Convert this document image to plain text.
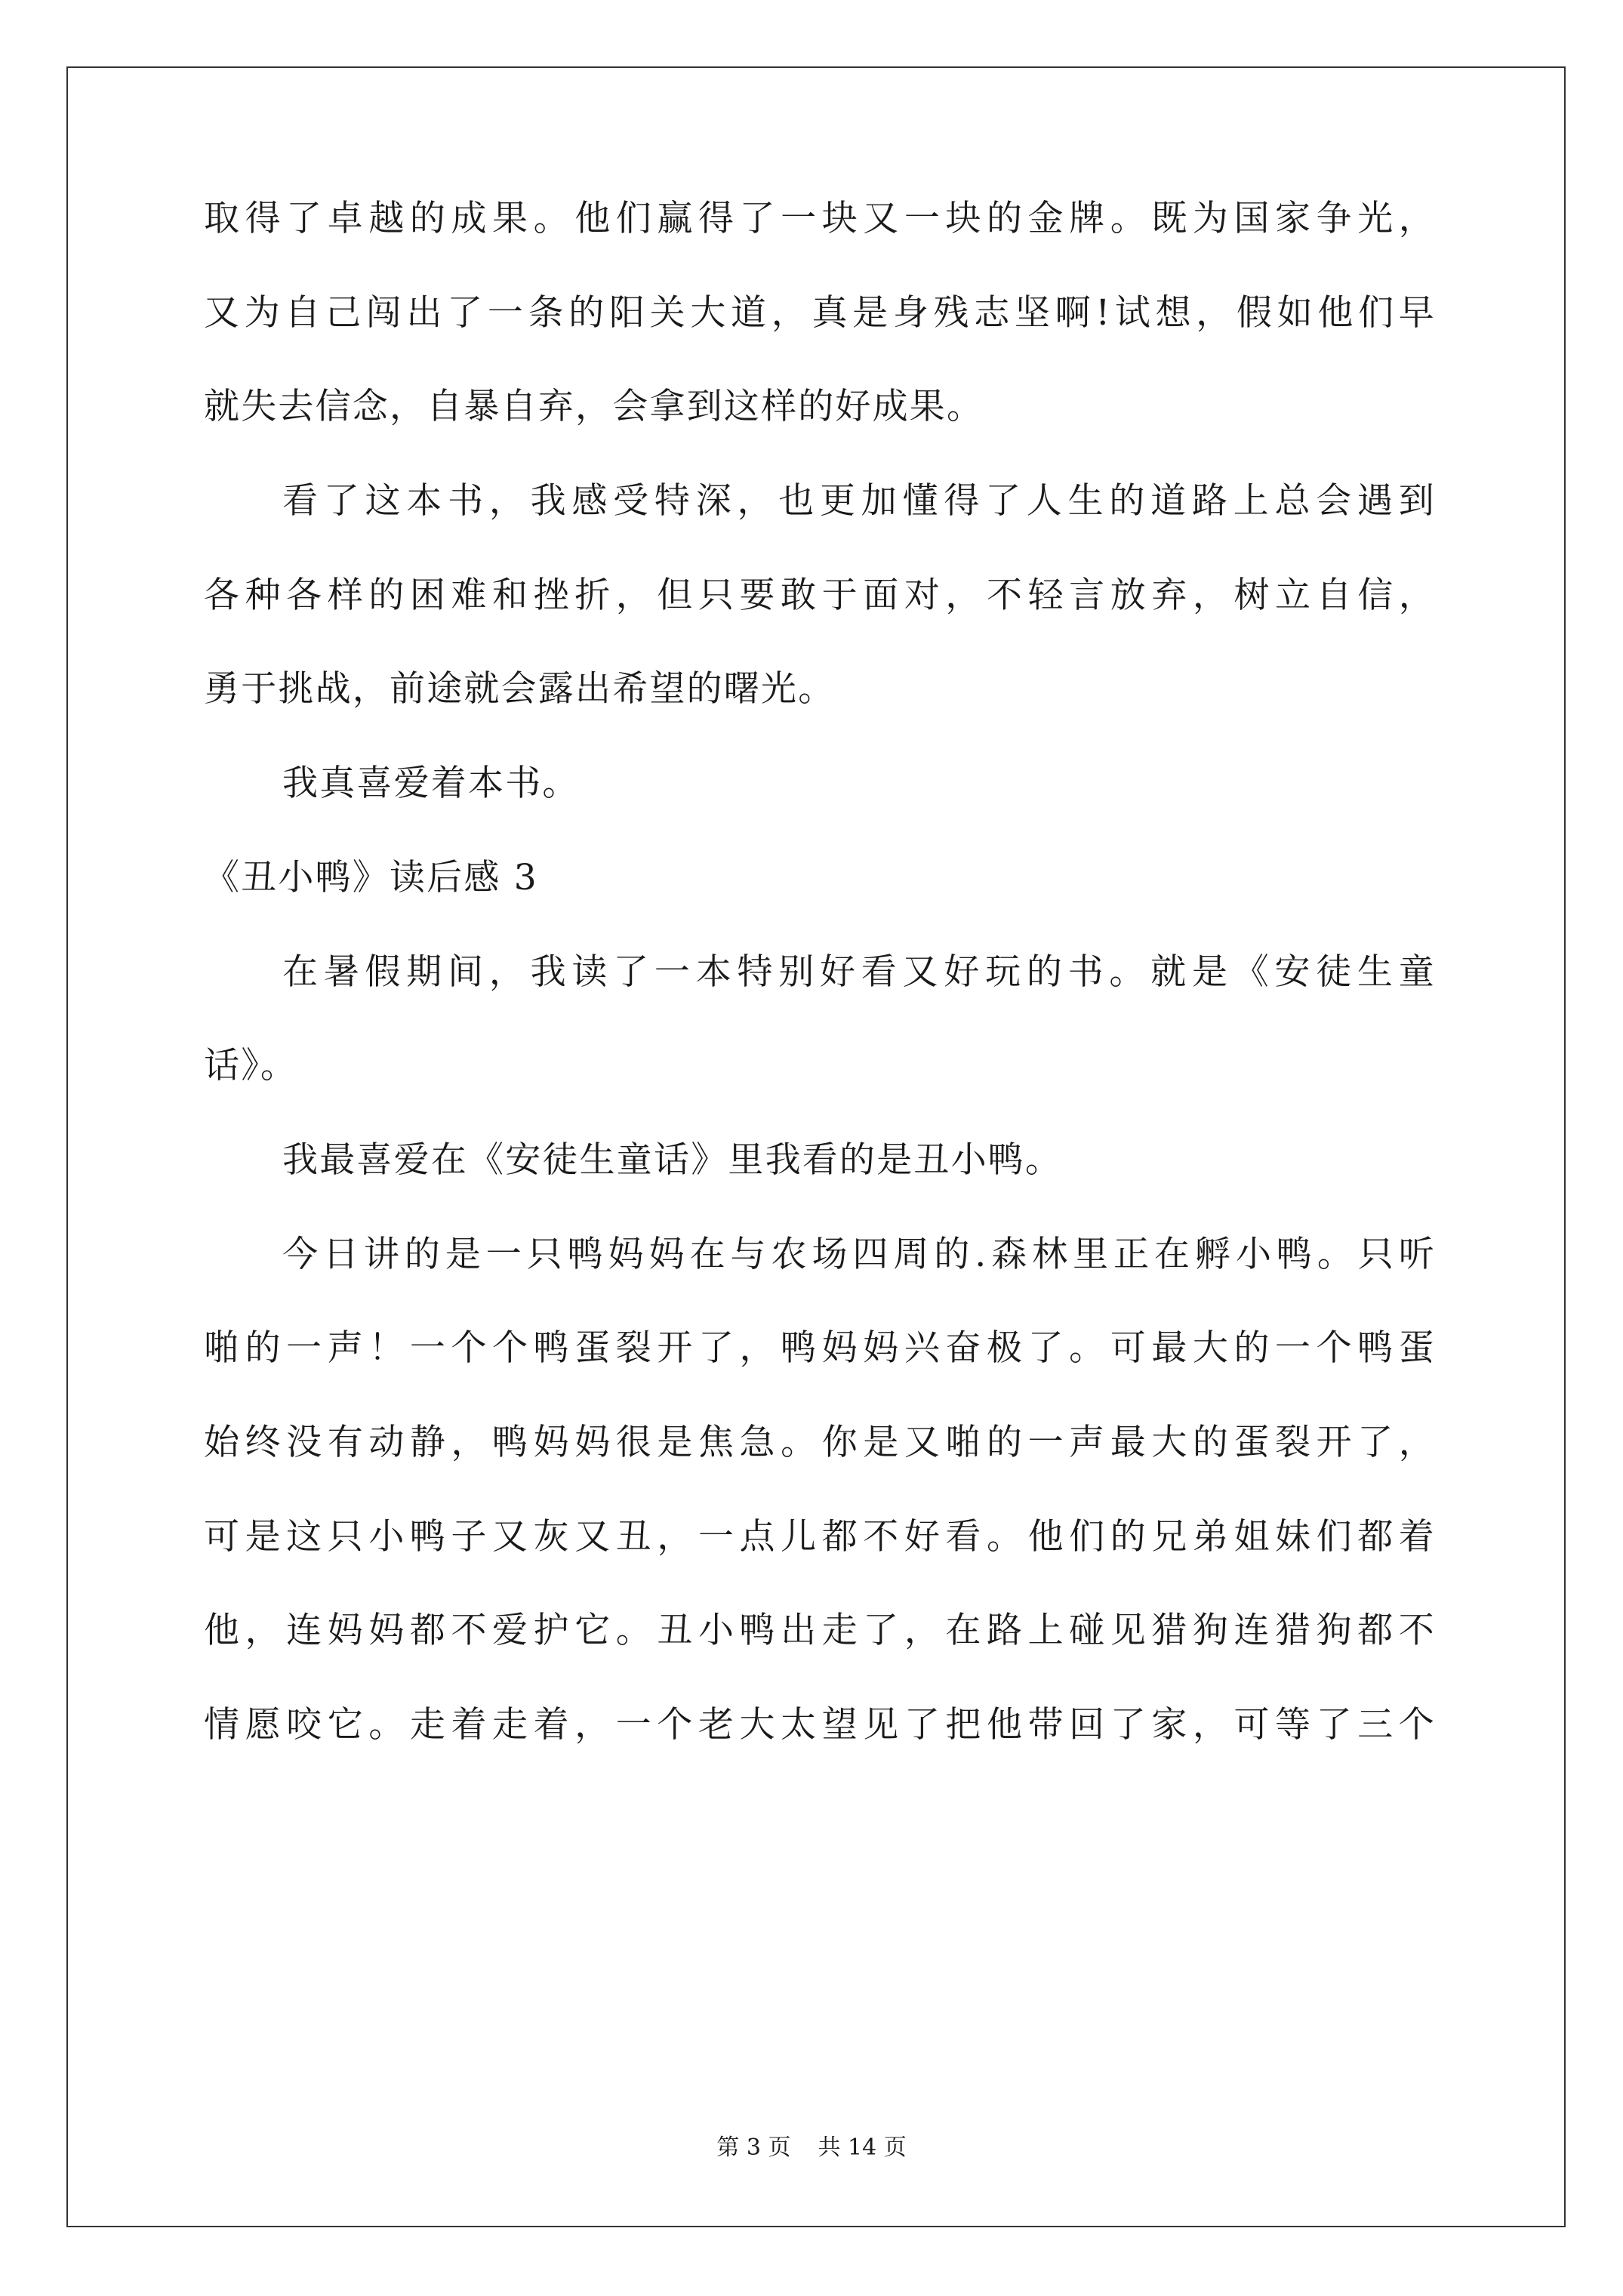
取得了卓越的成果。他们赢得了一块又一块的金牌。既为国家争光，
又为自己闯出了一条的阳关大道，真是身残志坚啊!试想，假如他们早
就失去信念，自暴自弃，会拿到这样的好成果。
看了这本书，我感受特深，也更加懂得了人生的道路上总会遇到
各种各样的困难和挫折，但只要敢于面对，不轻言放弃，树立自信，
勇于挑战，前途就会露出希望的曙光。
我真喜爱着本书。
《丑小鸭》读后感 3
在暑假期间，我读了一本特别好看又好玩的书。就是《安徒生童
话》。
我最喜爱在《安徒生童话》里我看的是丑小鸭。
今日讲的是一只鸭妈妈在与农场四周的.森林里正在孵小鸭。只听
啪的一声！一个个鸭蛋裂开了，鸭妈妈兴奋极了。可最大的一个鸭蛋
始终没有动静，鸭妈妈很是焦急。你是又啪的一声最大的蛋裂开了，
可是这只小鸭子又灰又丑，一点儿都不好看。他们的兄弟姐妹们都着
他，连妈妈都不爱护它。丑小鸭出走了，在路上碰见猎狗连猎狗都不
情愿咬它。走着走着，一个老大太望见了把他带回了家，可等了三个
第 3 页 共 14 页
